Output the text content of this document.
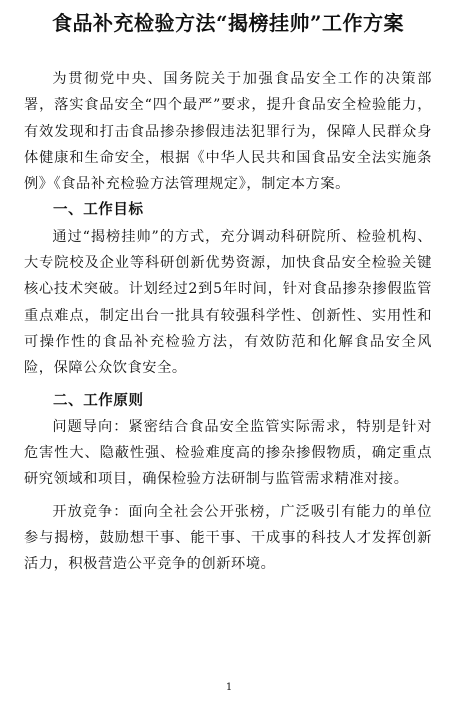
食品补充检验方法“揭榜挂帅”工作方案

为贯彻党中央、国务院关于加强食品安全工作的决策部署，落实食品安全“四个最严”要求，提升食品安全检验能力，有效发现和打击食品掺杂掺假违法犯罪行为，保障人民群众身体健康和生命安全，根据《中华人民共和国食品安全法实施条例》《食品补充检验方法管理规定》，制定本方案。

一、工作目标

通过“揭榜挂帅”的方式，充分调动科研院所、检验机构、大专院校及企业等科研创新优势资源，加快食品安全检验关键核心技术突破。计划经过2到5年时间，针对食品掺杂掺假监管重点难点，制定出台一批具有较强科学性、创新性、实用性和可操作性的食品补充检验方法，有效防范和化解食品安全风险，保障公众饮食安全。

二、工作原则

问题导向：紧密结合食品安全监管实际需求，特别是针对危害性大、隐蔽性强、检验难度高的掺杂掺假物质，确定重点研究领域和项目，确保检验方法研制与监管需求精准对接。

开放竞争：面向全社会公开张榜，广泛吸引有能力的单位参与揭榜，鼓励想干事、能干事、干成事的科技人才发挥创新活力，积极营造公平竞争的创新环境。

1
